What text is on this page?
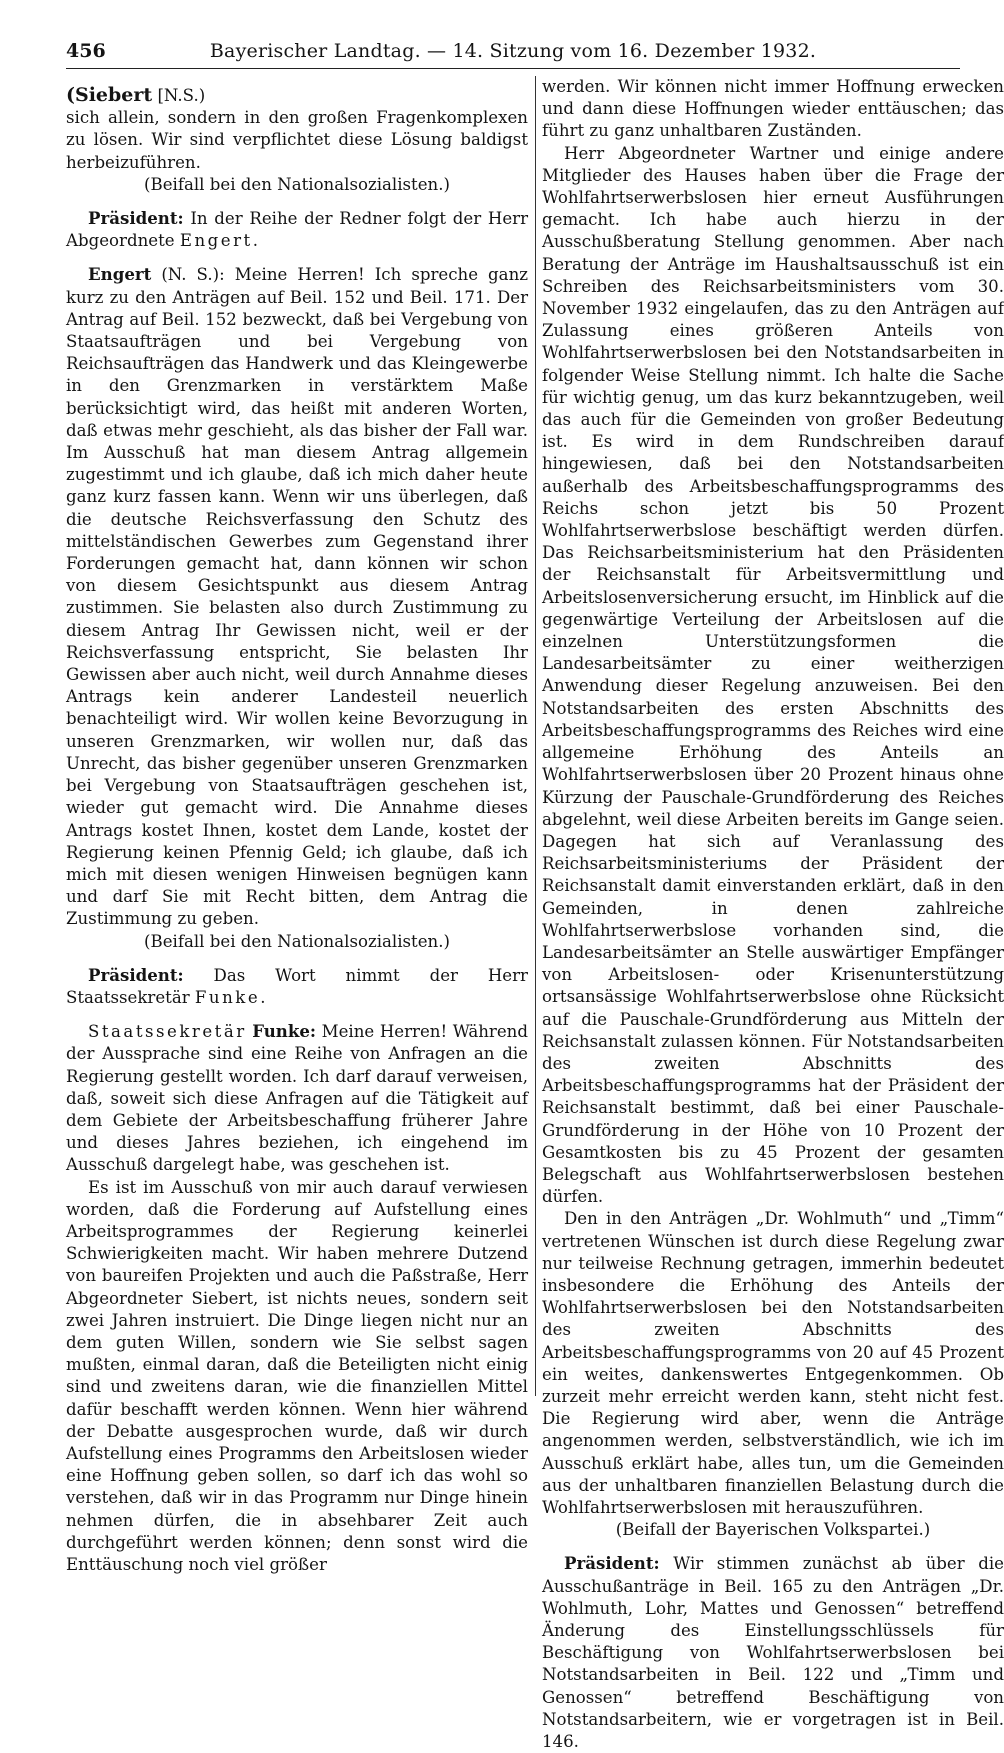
456	Bayerischer Landtag. — 14. Sitzung vom 16. Dezember 1932.

(Siebert [N.S.)

sich allein, sondern in den großen Fragenkomplexen zu lösen. Wir sind verpflichtet diese Lösung baldigst herbeizuführen.

(Beifall bei den Nationalsozialisten.)

Präsident: In der Reihe der Redner folgt der Herr Abgeordnete Engert.

Engert (N. S.): Meine Herren! Ich spreche ganz kurz zu den Anträgen auf Beil. 152 und Beil. 171. Der Antrag auf Beil. 152 bezweckt, daß bei Vergebung von Staatsaufträgen und bei Vergebung von Reichsaufträgen das Handwerk und das Kleingewerbe in den Grenzmarken in verstärktem Maße berücksichtigt wird, das heißt mit anderen Worten, daß etwas mehr geschieht, als das bisher der Fall war. Im Ausschuß hat man diesem Antrag allgemein zugestimmt und ich glaube, daß ich mich daher heute ganz kurz fassen kann. Wenn wir uns überlegen, daß die deutsche Reichsverfassung den Schutz des mittelständischen Gewerbes zum Gegenstand ihrer Forderungen gemacht hat, dann können wir schon von diesem Gesichtspunkt aus diesem Antrag zustimmen. Sie belasten also durch Zustimmung zu diesem Antrag Ihr Gewissen nicht, weil er der Reichsverfassung entspricht, Sie belasten Ihr Gewissen aber auch nicht, weil durch Annahme dieses Antrags kein anderer Landesteil neuerlich benachteiligt wird. Wir wollen keine Bevorzugung in unseren Grenzmarken, wir wollen nur, daß das Unrecht, das bisher gegenüber unseren Grenzmarken bei Vergebung von Staatsaufträgen geschehen ist, wieder gut gemacht wird. Die Annahme dieses Antrags kostet Ihnen, kostet dem Lande, kostet der Regierung keinen Pfennig Geld; ich glaube, daß ich mich mit diesen wenigen Hinweisen begnügen kann und darf Sie mit Recht bitten, dem Antrag die Zustimmung zu geben.

(Beifall bei den Nationalsozialisten.)

Präsident: Das Wort nimmt der Herr Staatssekretär Funke.

Staatssekretär Funke: Meine Herren! Während der Aussprache sind eine Reihe von Anfragen an die Regierung gestellt worden. Ich darf darauf verweisen, daß, soweit sich diese Anfragen auf die Tätigkeit auf dem Gebiete der Arbeitsbeschaffung früherer Jahre und dieses Jahres beziehen, ich eingehend im Ausschuß dargelegt habe, was geschehen ist.

Es ist im Ausschuß von mir auch darauf verwiesen worden, daß die Forderung auf Aufstellung eines Arbeitsprogrammes der Regierung keinerlei Schwierigkeiten macht. Wir haben mehrere Dutzend von baureifen Projekten und auch die Paßstraße, Herr Abgeordneter Siebert, ist nichts neues, sondern seit zwei Jahren instruiert. Die Dinge liegen nicht nur an dem guten Willen, sondern wie Sie selbst sagen mußten, einmal daran, daß die Beteiligten nicht einig sind und zweitens daran, wie die finanziellen Mittel dafür beschafft werden können. Wenn hier während der Debatte ausgesprochen wurde, daß wir durch Aufstellung eines Programms den Arbeitslosen wieder eine Hoffnung geben sollen, so darf ich das wohl so verstehen, daß wir in das Programm nur Dinge hinein nehmen dürfen, die in absehbarer Zeit auch durchgeführt werden können; denn sonst wird die Enttäuschung noch viel größer

werden. Wir können nicht immer Hoffnung erwecken und dann diese Hoffnungen wieder enttäuschen; das führt zu ganz unhaltbaren Zuständen.

Herr Abgeordneter Wartner und einige andere Mitglieder des Hauses haben über die Frage der Wohlfahrtserwerbslosen hier erneut Ausführungen gemacht. Ich habe auch hierzu in der Ausschußberatung Stellung genommen. Aber nach Beratung der Anträge im Haushaltsausschuß ist ein Schreiben des Reichsarbeitsministers vom 30. November 1932 eingelaufen, das zu den Anträgen auf Zulassung eines größeren Anteils von Wohlfahrtserwerbslosen bei den Notstandsarbeiten in folgender Weise Stellung nimmt. Ich halte die Sache für wichtig genug, um das kurz bekanntzugeben, weil das auch für die Gemeinden von großer Bedeutung ist. Es wird in dem Rundschreiben darauf hingewiesen, daß bei den Notstandsarbeiten außerhalb des Arbeitsbeschaffungsprogramms des Reichs schon jetzt bis 50 Prozent Wohlfahrtserwerbslose beschäftigt werden dürfen. Das Reichsarbeitsministerium hat den Präsidenten der Reichsanstalt für Arbeitsvermittlung und Arbeitslosenversicherung ersucht, im Hinblick auf die gegenwärtige Verteilung der Arbeitslosen auf die einzelnen Unterstützungsformen die Landesarbeitsämter zu einer weitherzigen Anwendung dieser Regelung anzuweisen. Bei den Notstandsarbeiten des ersten Abschnitts des Arbeitsbeschaffungsprogramms des Reiches wird eine allgemeine Erhöhung des Anteils an Wohlfahrtserwerbslosen über 20 Prozent hinaus ohne Kürzung der Pauschale-Grundförderung des Reiches abgelehnt, weil diese Arbeiten bereits im Gange seien. Dagegen hat sich auf Veranlassung des Reichsarbeitsministeriums der Präsident der Reichsanstalt damit einverstanden erklärt, daß in den Gemeinden, in denen zahlreiche Wohlfahrtserwerbslose vorhanden sind, die Landesarbeitsämter an Stelle auswärtiger Empfänger von Arbeitslosen- oder Krisenunterstützung ortsansässige Wohlfahrtserwerbslose ohne Rücksicht auf die Pauschale-Grundförderung aus Mitteln der Reichsanstalt zulassen können. Für Notstandsarbeiten des zweiten Abschnitts des Arbeitsbeschaffungsprogramms hat der Präsident der Reichsanstalt bestimmt, daß bei einer Pauschale-Grundförderung in der Höhe von 10 Prozent der Gesamtkosten bis zu 45 Prozent der gesamten Belegschaft aus Wohlfahrtserwerbslosen bestehen dürfen.

Den in den Anträgen „Dr. Wohlmuth“ und „Timm“ vertretenen Wünschen ist durch diese Regelung zwar nur teilweise Rechnung getragen, immerhin bedeutet insbesondere die Erhöhung des Anteils der Wohlfahrtserwerbslosen bei den Notstandsarbeiten des zweiten Abschnitts des Arbeitsbeschaffungsprogramms von 20 auf 45 Prozent ein weites, dankenswertes Entgegenkommen. Ob zurzeit mehr erreicht werden kann, steht nicht fest. Die Regierung wird aber, wenn die Anträge angenommen werden, selbstverständlich, wie ich im Ausschuß erklärt habe, alles tun, um die Gemeinden aus der unhaltbaren finanziellen Belastung durch die Wohlfahrtserwerbslosen mit herauszuführen.

(Beifall der Bayerischen Volkspartei.)

Präsident: Wir stimmen zunächst ab über die Ausschußanträge in Beil. 165 zu den Anträgen „Dr. Wohlmuth, Lohr, Mattes und Genossen“ betreffend Änderung des Einstellungsschlüssels für Beschäftigung von Wohlfahrtserwerbslosen bei Notstandsarbeiten in Beil. 122 und „Timm und Genossen“ betreffend Beschäftigung von Notstandsarbeitern, wie er vorgetragen ist in Beil. 146.
